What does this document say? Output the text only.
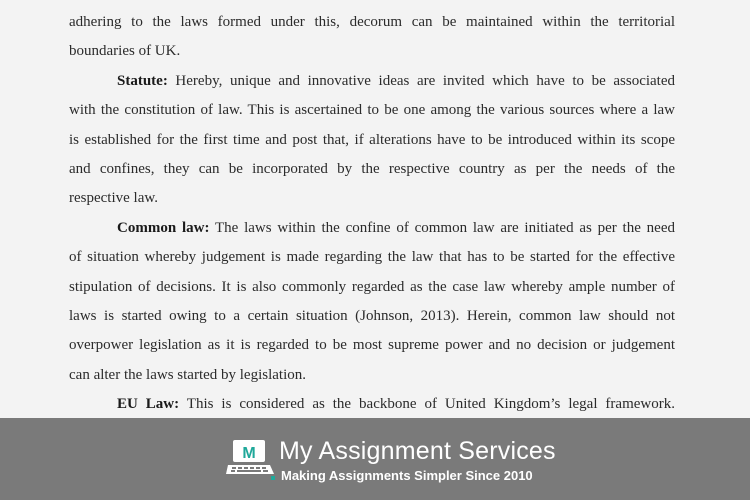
adhering to the laws formed under this, decorum can be maintained within the territorial
boundaries of UK.
Statute: Hereby, unique and innovative ideas are invited which have to be associated
with the constitution of law. This is ascertained to be one among the various sources where a law
is established for the first time and post that, if alterations have to be introduced within its scope
and confines, they can be incorporated by the respective country as per the needs of the
respective law.
Common law: The laws within the confine of common law are initiated as per the need
of situation whereby judgement is made regarding the law that has to be started for the effective
stipulation of decisions. It is also commonly regarded as the case law whereby ample number of
laws is started owing to a certain situation (Johnson, 2013). Herein, common law should not
overpower legislation as it is regarded to be most supreme power and no decision or judgement
can alter the laws started by legislation.
EU Law: This is considered as the backbone of United Kingdom’s legal framework.
M My Assignment Services
Making Assignments Simpler Since 2010
